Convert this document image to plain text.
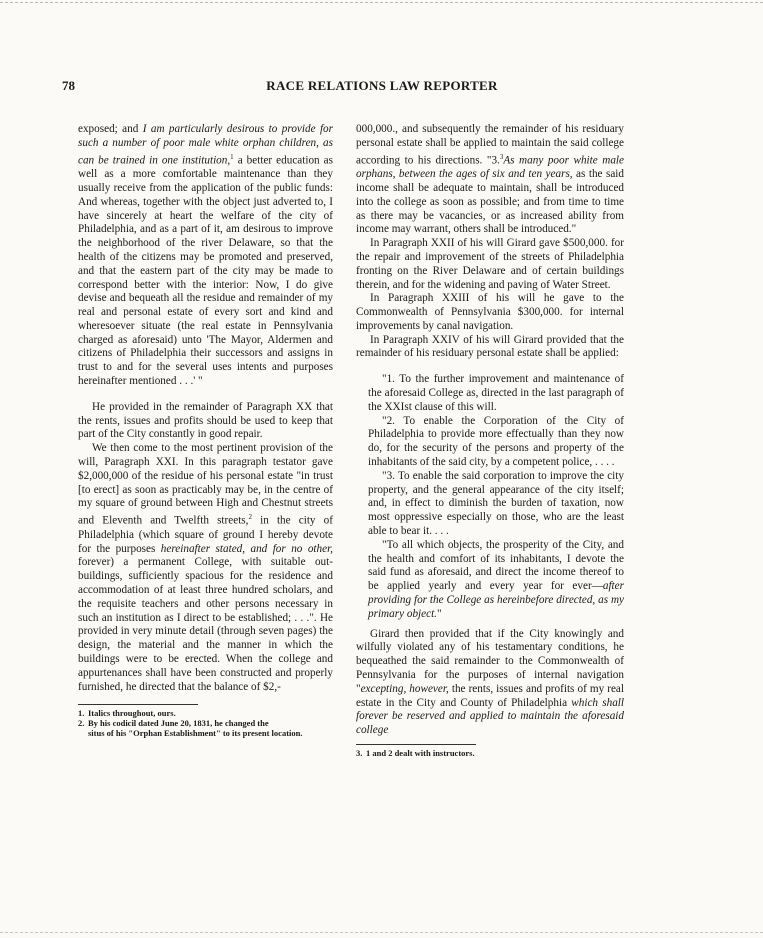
78	RACE RELATIONS LAW REPORTER

exposed; and I am particularly desirous to provide for such a number of poor male white orphan children, as can be trained in one institution,$^1$ a better education as well as a more comfortable maintenance than they usually receive from the application of the public funds: And whereas, together with the object just adverted to, I have sincerely at heart the welfare of the city of Philadelphia, and as a part of it, am desirous to improve the neighborhood of the river Delaware, so that the health of the citizens may be promoted and preserved, and that the eastern part of the city may be made to correspond better with the interior: Now, I do give devise and bequeath all the residue and remainder of my real and personal estate of every sort and kind and wheresoever situate (the real estate in Pennsylvania charged as aforesaid) unto 'The Mayor, Aldermen and citizens of Philadelphia their successors and assigns in trust to and for the several uses intents and purposes hereinafter mentioned . . .' "

He provided in the remainder of Paragraph XX that the rents, issues and profits should be used to keep that part of the City constantly in good repair.

We then come to the most pertinent provision of the will, Paragraph XXI. In this paragraph testator gave $2,000,000 of the residue of his personal estate "in trust [to erect] as soon as practicably may be, in the centre of my square of ground between High and Chestnut streets and Eleventh and Twelfth streets,$^2$ in the city of Philadelphia (which square of ground I hereby devote for the purposes hereinafter stated, and for no other, forever) a permanent College, with suitable out-buildings, sufficiently spacious for the residence and accommodation of at least three hundred scholars, and the requisite teachers and other persons necessary in such an institution as I direct to be established; . . .". He provided in very minute detail (through seven pages) the design, the material and the manner in which the buildings were to be erected. When the college and appurtenances shall have been constructed and properly furnished, he directed that the balance of $2,-

1. Italics throughout, ours.
2. By his codicil dated June 20, 1831, he changed the
situs of his "Orphan Establishment" to its present location.

000,000., and subsequently the remainder of his residuary personal estate shall be applied to maintain the said college according to his directions. "3.$^3$As many poor white male orphans, between the ages of six and ten years, as the said income shall be adequate to maintain, shall be introduced into the college as soon as possible; and from time to time as there may be vacancies, or as increased ability from income may warrant, others shall be introduced."

In Paragraph XXII of his will Girard gave $500,000. for the repair and improvement of the streets of Philadelphia fronting on the River Delaware and of certain buildings therein, and for the widening and paving of Water Street.

In Paragraph XXIII of his will he gave to the Commonwealth of Pennsylvania $300,000. for internal improvements by canal navigation.

In Paragraph XXIV of his will Girard provided that the remainder of his residuary personal estate shall be applied:

"1. To the further improvement and maintenance of the aforesaid College as, directed in the last paragraph of the XXIst clause of this will.

"2. To enable the Corporation of the City of Philadelphia to provide more effectually than they now do, for the security of the persons and property of the inhabitants of the said city, by a competent police, . . . .

"3. To enable the said corporation to improve the city property, and the general appearance of the city itself; and, in effect to diminish the burden of taxation, now most oppressive especially on those, who are the least able to bear it. . . .

"To all which objects, the prosperity of the City, and the health and comfort of its inhabitants, I devote the said fund as aforesaid, and direct the income thereof to be applied yearly and every year for ever—after providing for the College as hereinbefore directed, as my primary object."

Girard then provided that if the City knowingly and wilfully violated any of his testamentary conditions, he bequeathed the said remainder to the Commonwealth of Pennsylvania for the purposes of internal navigation "excepting, however, the rents, issues and profits of my real estate in the City and County of Philadelphia which shall forever be reserved and applied to maintain the aforesaid college

3. 1 and 2 dealt with instructors.
